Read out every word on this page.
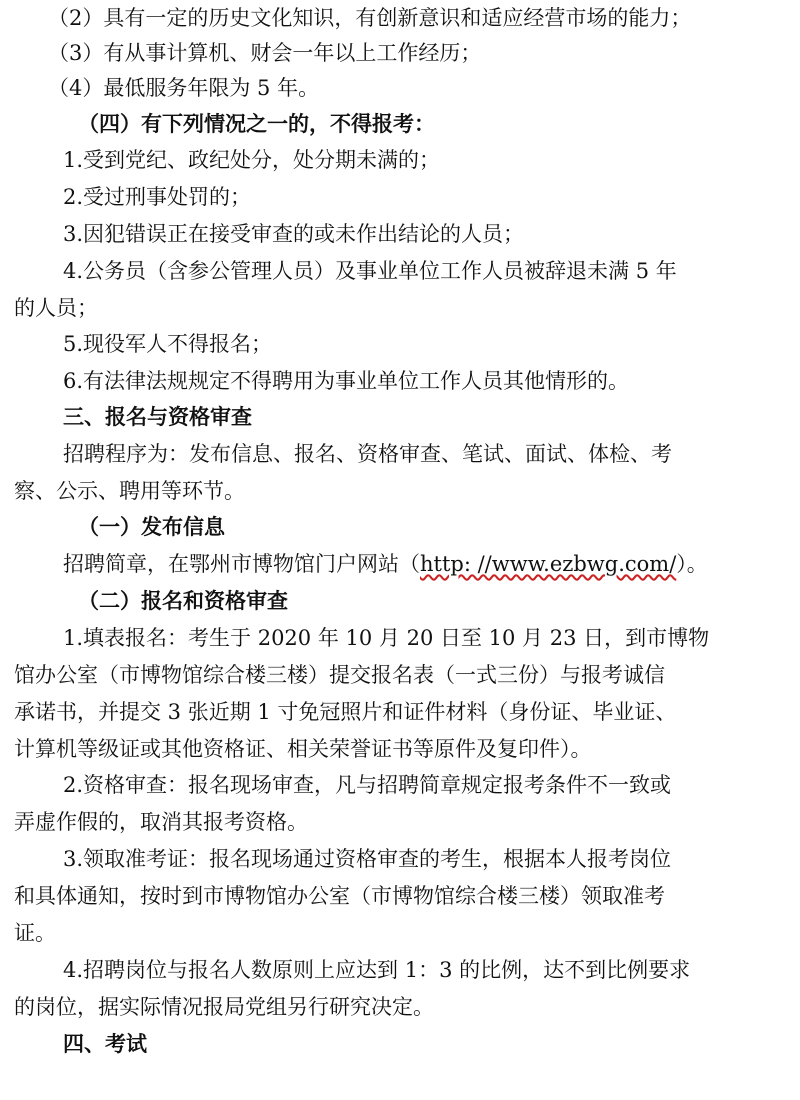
（2）具有一定的历史文化知识，有创新意识和适应经营市场的能力；

（3）有从事计算机、财会一年以上工作经历；

（4）最低服务年限为 5 年。

（四）有下列情况之一的，不得报考：

1.受到党纪、政纪处分，处分期未满的；

2.受过刑事处罚的；

3.因犯错误正在接受审查的或未作出结论的人员；

4.公务员（含参公管理人员）及事业单位工作人员被辞退未满 5 年

的人员；

5.现役军人不得报名；

6.有法律法规规定不得聘用为事业单位工作人员其他情形的。

三、报名与资格审查

招聘程序为：发布信息、报名、资格审查、笔试、面试、体检、考

察、公示、聘用等环节。

（一）发布信息

招聘简章，在鄂州市博物馆门户网站（http: //www.ezbwg.com/）。

（二）报名和资格审查

1.填表报名：考生于 2020 年 10 月 20 日至 10 月 23 日，到市博物

馆办公室（市博物馆综合楼三楼）提交报名表（一式三份）与报考诚信

承诺书，并提交 3 张近期 1 寸免冠照片和证件材料（身份证、毕业证、

计算机等级证或其他资格证、相关荣誉证书等原件及复印件）。

2.资格审查：报名现场审查，凡与招聘简章规定报考条件不一致或

弄虚作假的，取消其报考资格。

3.领取准考证：报名现场通过资格审查的考生，根据本人报考岗位

和具体通知，按时到市博物馆办公室（市博物馆综合楼三楼）领取准考

证。

4.招聘岗位与报名人数原则上应达到 1：3 的比例，达不到比例要求

的岗位，据实际情况报局党组另行研究决定。

四、考试
